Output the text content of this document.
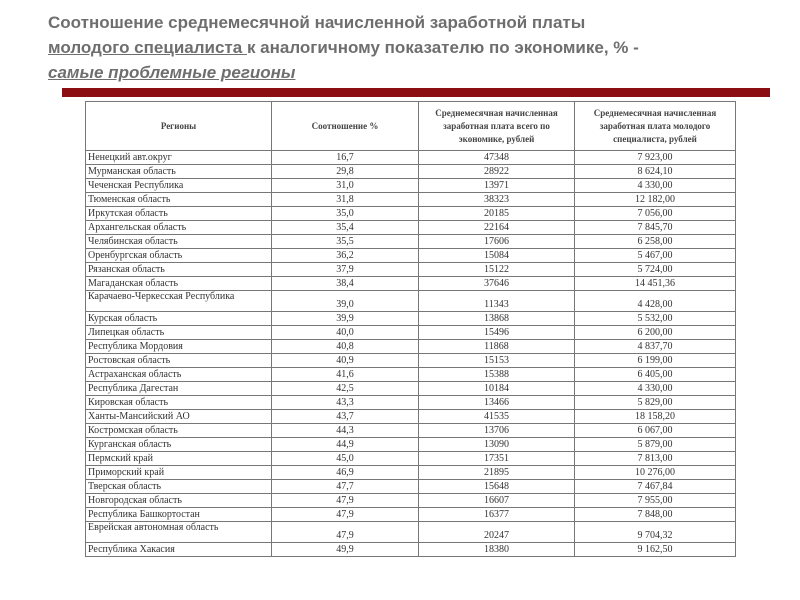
Соотношение среднемесячной начисленной заработной платы
молодого специалиста к аналогичному показателю по экономике, % -
самые проблемные регионы
Регионы	Соотношение %	Среднемесячная начисленная заработная плата всего по экономике, рублей	Среднемесячная начисленная заработная плата молодого специалиста, рублей
Ненецкий авт.округ	16,7	47348	7 923,00
Мурманская область	29,8	28922	8 624,10
Чеченская Республика	31,0	13971	4 330,00
Тюменская область	31,8	38323	12 182,00
Иркутская область	35,0	20185	7 056,00
Архангельская область	35,4	22164	7 845,70
Челябинская область	35,5	17606	6 258,00
Оренбургская область	36,2	15084	5 467,00
Рязанская область	37,9	15122	5 724,00
Магаданская область	38,4	37646	14 451,36
Карачаево-Черкесская Республика	39,0	11343	4 428,00
Курская область	39,9	13868	5 532,00
Липецкая область	40,0	15496	6 200,00
Республика Мордовия	40,8	11868	4 837,70
Ростовская область	40,9	15153	6 199,00
Астраханская область	41,6	15388	6 405,00
Республика Дагестан	42,5	10184	4 330,00
Кировская область	43,3	13466	5 829,00
Ханты-Мансийский АО	43,7	41535	18 158,20
Костромская область	44,3	13706	6 067,00
Курганская область	44,9	13090	5 879,00
Пермский край	45,0	17351	7 813,00
Приморский край	46,9	21895	10 276,00
Тверская область	47,7	15648	7 467,84
Новгородская область	47,9	16607	7 955,00
Республика Башкортостан	47,9	16377	7 848,00
Еврейская автономная область	47,9	20247	9 704,32
Республика Хакасия	49,9	18380	9 162,50
